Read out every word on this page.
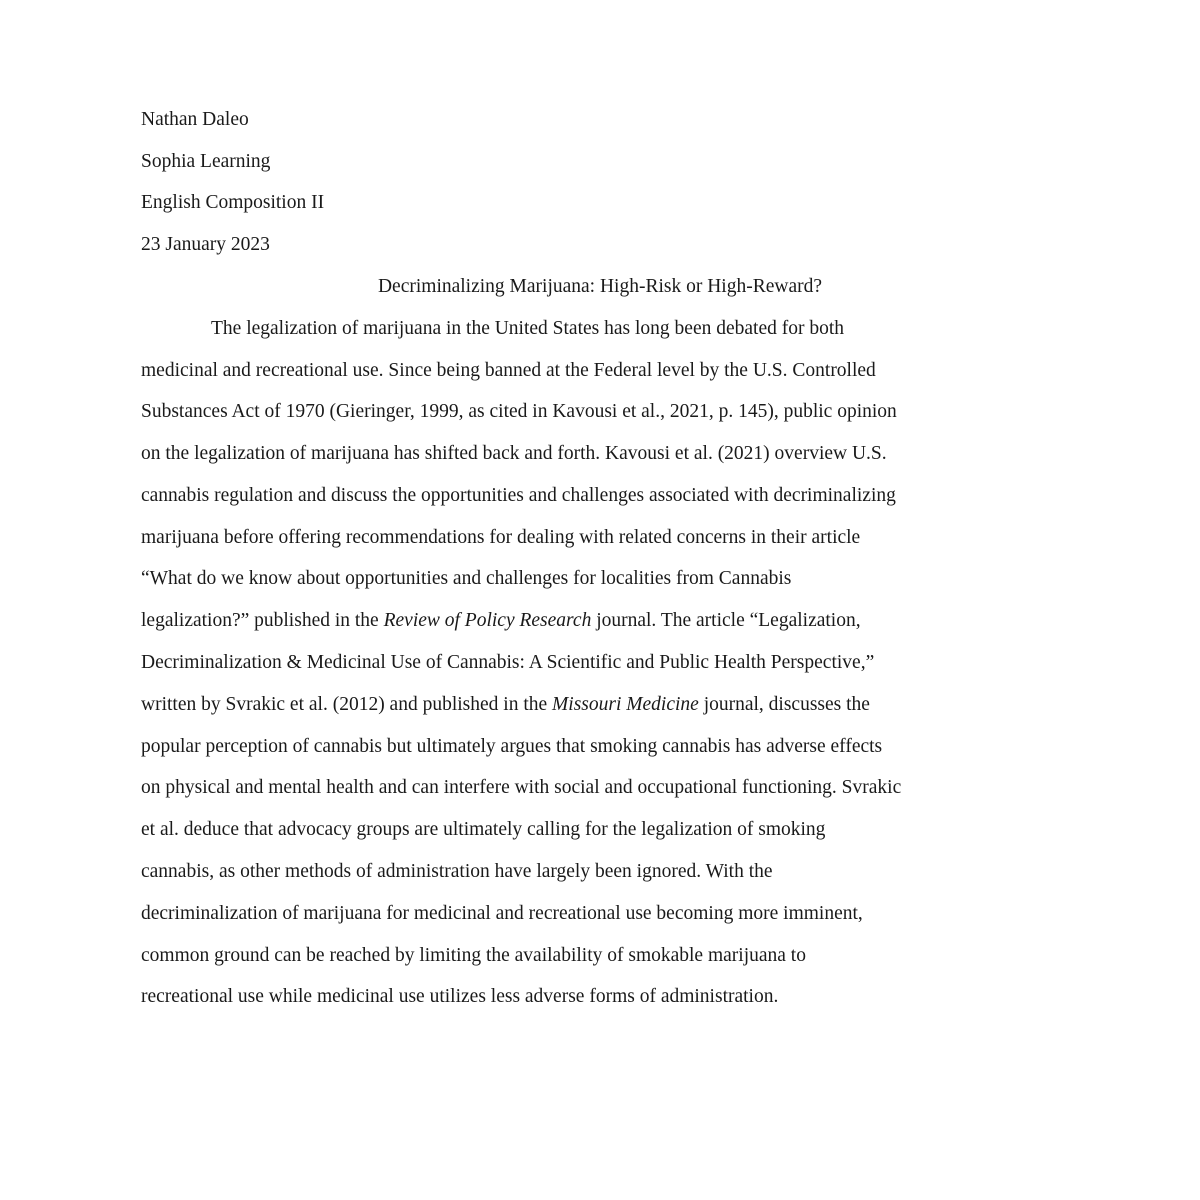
Nathan Daleo
Sophia Learning
English Composition II
23 January 2023
Decriminalizing Marijuana: High-Risk or High-Reward?
The legalization of marijuana in the United States has long been debated for both
medicinal and recreational use. Since being banned at the Federal level by the U.S. Controlled
Substances Act of 1970 (Gieringer, 1999, as cited in Kavousi et al., 2021, p. 145), public opinion
on the legalization of marijuana has shifted back and forth. Kavousi et al. (2021) overview U.S.
cannabis regulation and discuss the opportunities and challenges associated with decriminalizing
marijuana before offering recommendations for dealing with related concerns in their article
“What do we know about opportunities and challenges for localities from Cannabis
legalization?” published in the Review of Policy Research journal. The article “Legalization,
Decriminalization & Medicinal Use of Cannabis: A Scientific and Public Health Perspective,”
written by Svrakic et al. (2012) and published in the Missouri Medicine journal, discusses the
popular perception of cannabis but ultimately argues that smoking cannabis has adverse effects
on physical and mental health and can interfere with social and occupational functioning. Svrakic
et al. deduce that advocacy groups are ultimately calling for the legalization of smoking
cannabis, as other methods of administration have largely been ignored. With the
decriminalization of marijuana for medicinal and recreational use becoming more imminent,
common ground can be reached by limiting the availability of smokable marijuana to
recreational use while medicinal use utilizes less adverse forms of administration.
